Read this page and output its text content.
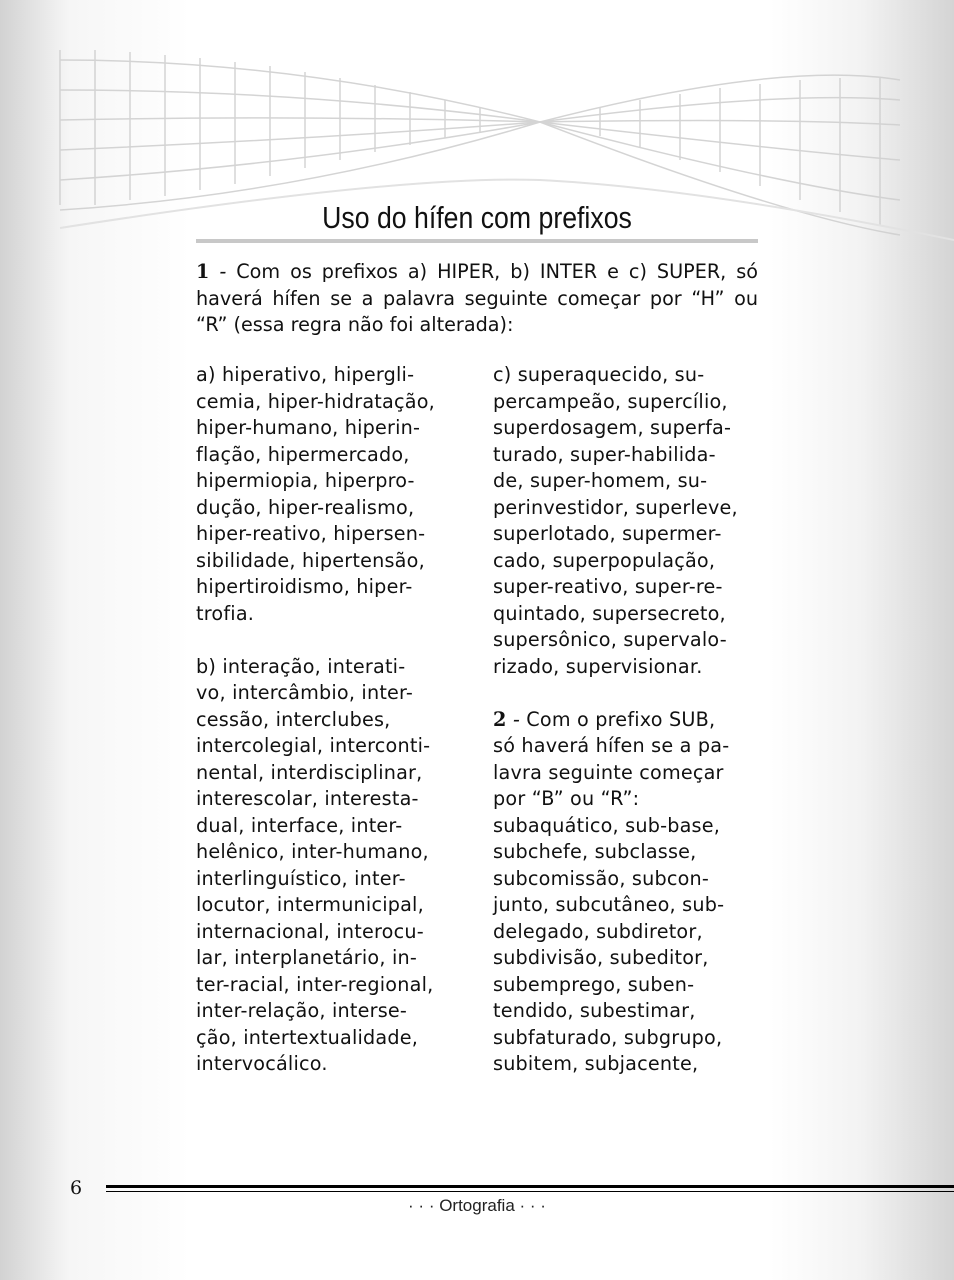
Uso do hífen com prefixos

1 - Com os prefixos a) HIPER, b) INTER e c) SUPER, só haverá hífen se a palavra seguinte começar por “H” ou “R” (essa regra não foi alterada):

a) hiperativo, hipergli-

cemia, hiper-hidratação,

hiper-humano, hiperin-

flação, hipermercado,

hipermiopia, hiperpro-

dução, hiper-realismo,

hiper-reativo, hipersen-

sibilidade, hipertensão,

hipertiroidismo, hiper-

trofia.

b) interação, interati-

vo, intercâmbio, inter-

cessão, interclubes,

intercolegial, interconti-

nental, interdisciplinar,

interescolar, interesta-

dual, interface, inter-

helênico, inter-humano,

interlinguístico, inter-

locutor, intermunicipal,

internacional, interocu-

lar, interplanetário, in-

ter-racial, inter-regional,

inter-relação, interse-

ção, intertextualidade,

intervocálico.

c) superaquecido, su-

percampeão, supercílio,

superdosagem, superfa-

turado, super-habilida-

de, super-homem, su-

perinvestidor, superleve,

superlotado, supermer-

cado, superpopulação,

super-reativo, super-re-

quintado, supersecreto,

supersônico, supervalo-

rizado, supervisionar.

2 - Com o prefixo SUB,

só haverá hífen se a pa-

lavra seguinte começar

por “B” ou “R”:

subaquático, sub-base,

subchefe, subclasse,

subcomissão, subcon-

junto, subcutâneo, sub-

delegado, subdiretor,

subdivisão, subeditor,

subemprego, suben-

tendido, subestimar,

subfaturado, subgrupo,

subitem, subjacente,

6
· · · Ortografia · · ·
